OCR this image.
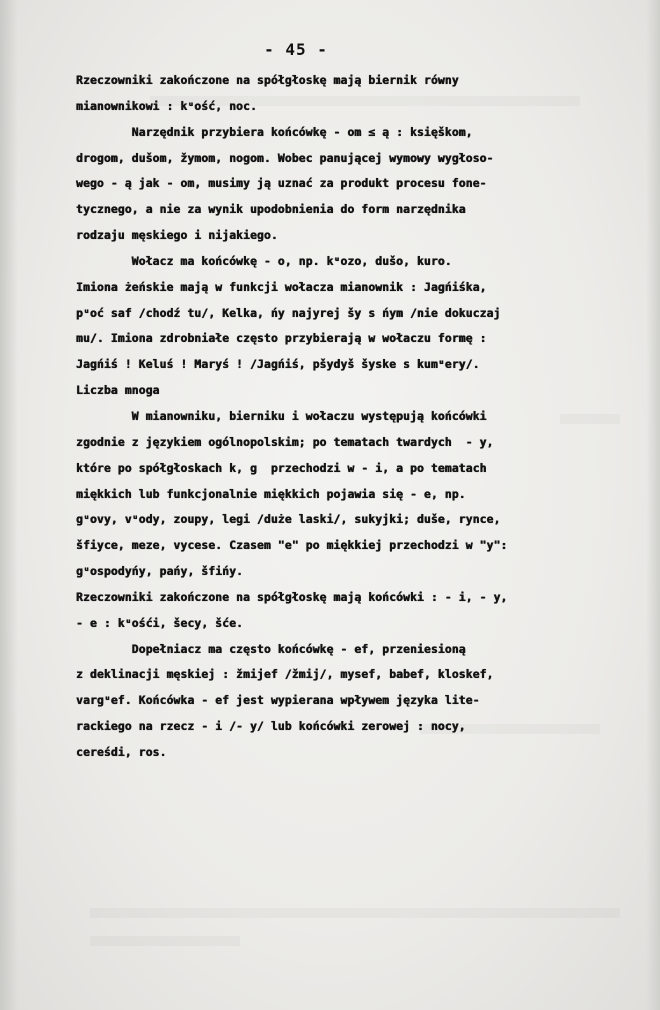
- 45 -
Rzeczowniki zakończone na spółgłoskę mają biernik równy
mianownikowi : kᵘość, noc.
Narzędnik przybiera końcówkę - om ≤ ą : księškom,
drogom, dušom, žymom, nogom. Wobec panującej wymowy wygłoso-
wego - ą jak - om, musimy ją uznać za produkt procesu fone-
tycznego, a nie za wynik upodobnienia do form narzędnika
rodzaju męskiego i nijakiego.
Wołacz ma końcówkę - o, np. kᵘozo, dušo, kuro.
Imiona żeńskie mają w funkcji wołacza mianownik : Jagńiśka,
pᵘoć saf /chodź tu/, Kelka, ńy najyrej šy s ńym /nie dokuczaj
mu/. Imiona zdrobniałe często przybierają w wołaczu formę :
Jagńiś ! Keluś ! Maryś ! /Jagńiś, pšydyš šyske s kumᵘery/.
Liczba mnoga
W mianowniku, bierniku i wołaczu występują końcówki
zgodnie z językiem ogólnopolskim; po tematach twardych  - y,
które po spółgłoskach k, g  przechodzi w - i, a po tematach
miękkich lub funkcjonalnie miękkich pojawia się - e, np.
gᵘovy, vᵘody, zoupy, legi /duże laski/, sukyjki; duše, rynce,
šfiyce, meze, vycese. Czasem "e" po miękkiej przechodzi w "y":
gᵘospodyńy, pańy, šfińy.
Rzeczowniki zakończone na spółgłoskę mają końcówki : - i, - y,
- e : kᵘośći, šecy, šće.
Dopełniacz ma często końcówkę - ef, przeniesioną
z deklinacji męskiej : žmijef /žmij/, mysef, babef, kloskef,
vargᵘef. Końcówka - ef jest wypierana wpływem języka lite-
rackiego na rzecz - i /- y/ lub końcówki zerowej : nocy,
cereśdi, ros.
